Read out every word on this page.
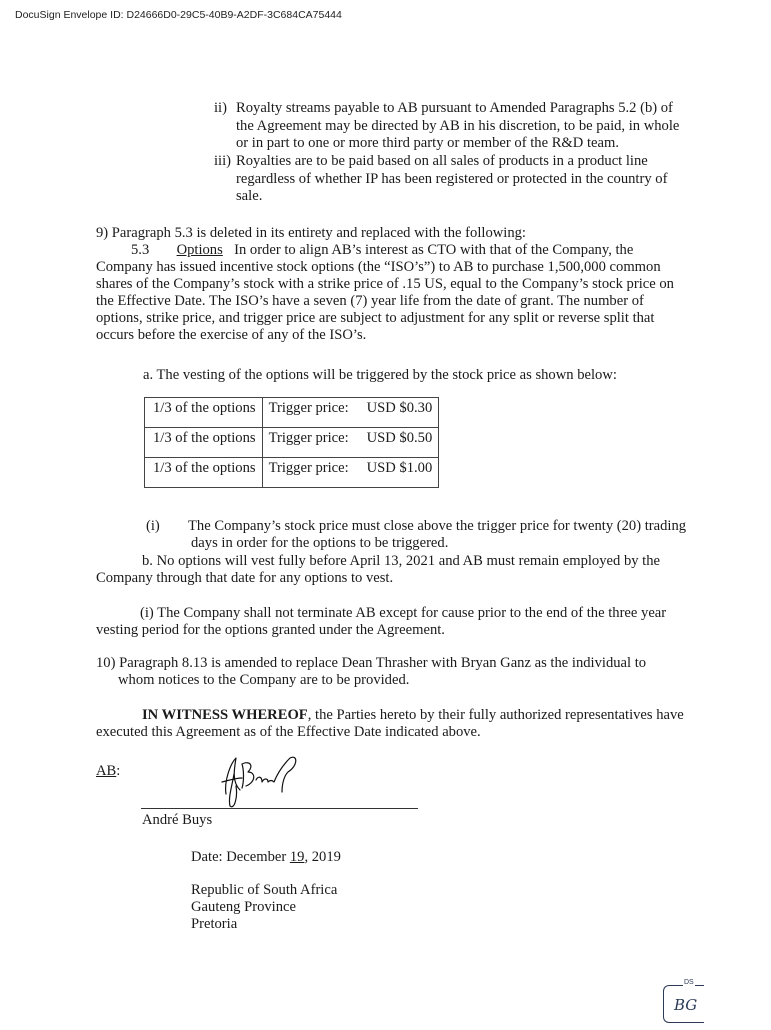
DocuSign Envelope ID: D24666D0-29C5-40B9-A2DF-3C684CA75444
ii) Royalty streams payable to AB pursuant to Amended Paragraphs 5.2 (b) of
the Agreement may be directed by AB in his discretion, to be paid, in whole
or in part to one or more third party or member of the R&D team.
iii) Royalties are to be paid based on all sales of products in a product line
regardless of whether IP has been registered or protected in the country of
sale.
9) Paragraph 5.3 is deleted in its entirety and replaced with the following:
5.3 Options In order to align AB’s interest as CTO with that of the Company, the
Company has issued incentive stock options (the “ISO’s”) to AB to purchase 1,500,000 common
shares of the Company’s stock with a strike price of .15 US, equal to the Company’s stock price on
the Effective Date. The ISO’s have a seven (7) year life from the date of grant. The number of
options, strike price, and trigger price are subject to adjustment for any split or reverse split that
occurs before the exercise of any of the ISO’s.
a. The vesting of the options will be triggered by the stock price as shown below:
1/3 of the options	Trigger price: USD $0.30
1/3 of the options	Trigger price: USD $0.50
1/3 of the options	Trigger price: USD $1.00
(i) The Company’s stock price must close above the trigger price for twenty (20) trading
days in order for the options to be triggered.
b. No options will vest fully before April 13, 2021 and AB must remain employed by the
Company through that date for any options to vest.
(i) The Company shall not terminate AB except for cause prior to the end of the three year
vesting period for the options granted under the Agreement.
10) Paragraph 8.13 is amended to replace Dean Thrasher with Bryan Ganz as the individual to
whom notices to the Company are to be provided.
IN WITNESS WHEREOF, the Parties hereto by their fully authorized representatives have
executed this Agreement as of the Effective Date indicated above.
AB:
André Buys
Date: December 19, 2019
Republic of South Africa
Gauteng Province
Pretoria
DS
BG
